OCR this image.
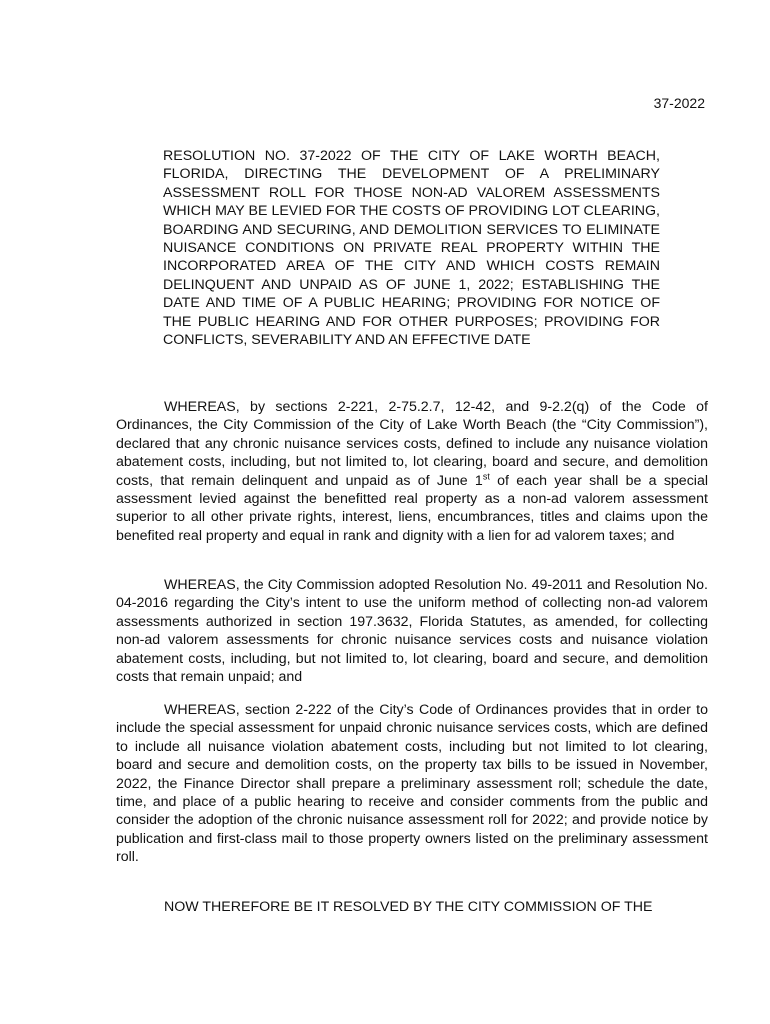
37-2022
RESOLUTION NO. 37-2022 OF THE CITY OF LAKE WORTH BEACH, FLORIDA, DIRECTING THE DEVELOPMENT OF A PRELIMINARY ASSESSMENT ROLL FOR THOSE NON-AD VALOREM ASSESSMENTS WHICH MAY BE LEVIED FOR THE COSTS OF PROVIDING LOT CLEARING, BOARDING AND SECURING, AND DEMOLITION SERVICES TO ELIMINATE NUISANCE CONDITIONS ON PRIVATE REAL PROPERTY WITHIN THE INCORPORATED AREA OF THE CITY AND WHICH COSTS REMAIN DELINQUENT AND UNPAID AS OF JUNE 1, 2022; ESTABLISHING THE DATE AND TIME OF A PUBLIC HEARING; PROVIDING FOR NOTICE OF THE PUBLIC HEARING AND FOR OTHER PURPOSES; PROVIDING FOR CONFLICTS, SEVERABILITY AND AN EFFECTIVE DATE
WHEREAS, by sections 2-221, 2-75.2.7, 12-42, and 9-2.2(q) of the Code of Ordinances, the City Commission of the City of Lake Worth Beach (the “City Commission”), declared that any chronic nuisance services costs, defined to include any nuisance violation abatement costs, including, but not limited to, lot clearing, board and secure, and demolition costs, that remain delinquent and unpaid as of June 1st of each year shall be a special assessment levied against the benefitted real property as a non-ad valorem assessment superior to all other private rights, interest, liens, encumbrances, titles and claims upon the benefited real property and equal in rank and dignity with a lien for ad valorem taxes; and
WHEREAS, the City Commission adopted Resolution No. 49-2011 and Resolution No. 04-2016 regarding the City’s intent to use the uniform method of collecting non-ad valorem assessments authorized in section 197.3632, Florida Statutes, as amended, for collecting non-ad valorem assessments for chronic nuisance services costs and nuisance violation abatement costs, including, but not limited to, lot clearing, board and secure, and demolition costs that remain unpaid; and
WHEREAS, section 2-222 of the City’s Code of Ordinances provides that in order to include the special assessment for unpaid chronic nuisance services costs, which are defined to include all nuisance violation abatement costs, including but not limited to lot clearing, board and secure and demolition costs, on the property tax bills to be issued in November, 2022, the Finance Director shall prepare a preliminary assessment roll; schedule the date, time, and place of a public hearing to receive and consider comments from the public and consider the adoption of the chronic nuisance assessment roll for 2022; and provide notice by publication and first-class mail to those property owners listed on the preliminary assessment roll.
NOW THEREFORE BE IT RESOLVED BY THE CITY COMMISSION OF THE
